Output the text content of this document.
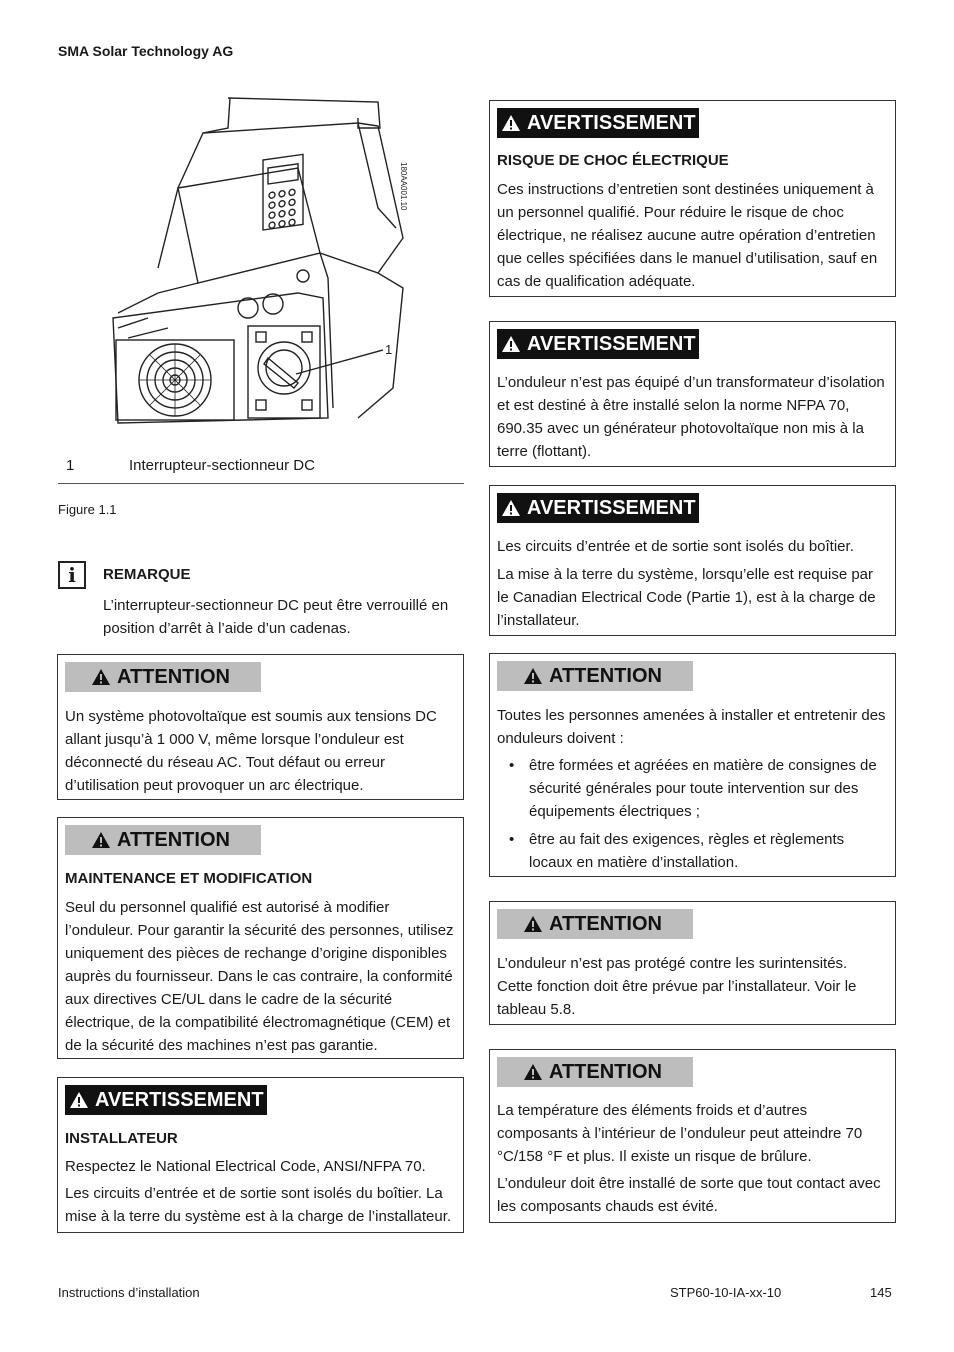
SMA Solar Technology AG
180AA001.10
1
1	Interrupteur-sectionneur DC
Figure 1.1
i	REMARQUE
L’interrupteur-sectionneur DC peut être verrouillé en position d’arrêt à l’aide d’un cadenas.
ATTENTION
Un système photovoltaïque est soumis aux tensions DC allant jusqu’à 1 000 V, même lorsque l’onduleur est déconnecté du réseau AC. Tout défaut ou erreur d’utilisation peut provoquer un arc électrique.
ATTENTION
MAINTENANCE ET MODIFICATION
Seul du personnel qualifié est autorisé à modifier l’onduleur. Pour garantir la sécurité des personnes, utilisez uniquement des pièces de rechange d’origine disponibles auprès du fournisseur. Dans le cas contraire, la conformité aux directives CE/UL dans le cadre de la sécurité électrique, de la compatibilité électromagnétique (CEM) et de la sécurité des machines n’est pas garantie.
AVERTISSEMENT
INSTALLATEUR
Respectez le National Electrical Code, ANSI/NFPA 70.
Les circuits d’entrée et de sortie sont isolés du boîtier. La mise à la terre du système est à la charge de l’installateur.
AVERTISSEMENT
RISQUE DE CHOC ÉLECTRIQUE
Ces instructions d’entretien sont destinées uniquement à un personnel qualifié. Pour réduire le risque de choc électrique, ne réalisez aucune autre opération d’entretien que celles spécifiées dans le manuel d’utilisation, sauf en cas de qualification adéquate.
AVERTISSEMENT
L’onduleur n’est pas équipé d’un transformateur d’isolation et est destiné à être installé selon la norme NFPA 70, 690.35 avec un générateur photovoltaïque non mis à la terre (flottant).
AVERTISSEMENT
Les circuits d’entrée et de sortie sont isolés du boîtier.
La mise à la terre du système, lorsqu’elle est requise par le Canadian Electrical Code (Partie 1), est à la charge de l’installateur.
ATTENTION
Toutes les personnes amenées à installer et entretenir des onduleurs doivent :
• être formées et agréées en matière de consignes de sécurité générales pour toute intervention sur des équipements électriques ;
• être au fait des exigences, règles et règlements locaux en matière d’installation.
ATTENTION
L’onduleur n’est pas protégé contre les surintensités. Cette fonction doit être prévue par l’installateur. Voir le tableau 5.8.
ATTENTION
La température des éléments froids et d’autres composants à l’intérieur de l’onduleur peut atteindre 70 °C/158 °F et plus. Il existe un risque de brûlure.
L’onduleur doit être installé de sorte que tout contact avec les composants chauds est évité.
Instructions d’installation	STP60-10-IA-xx-10	145
